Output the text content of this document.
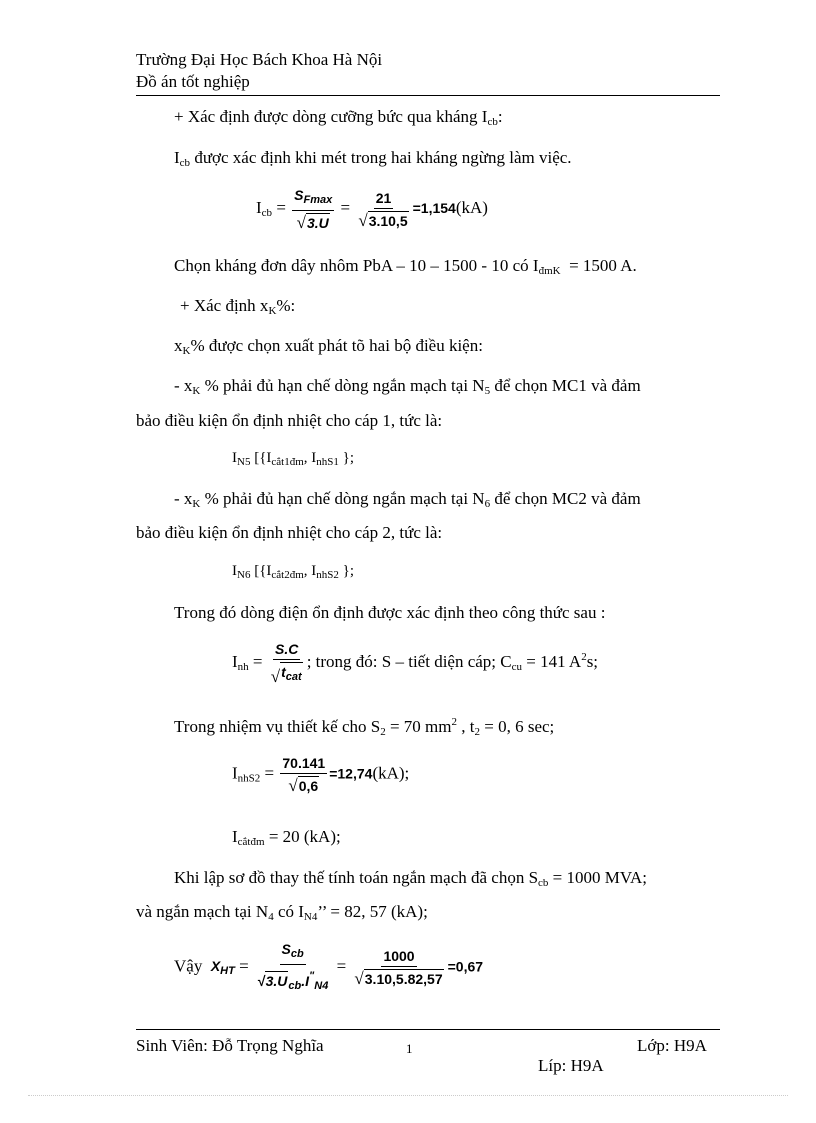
Trường Đại Học Bách Khoa Hà Nội
Đồ án tốt nghiệp
+ Xác định được dòng cưỡng bức qua kháng $I_{cb}$:
$I_{cb}$ được xác định khi mét trong hai kháng ngừng làm việc.
$I_{cb} = \frac{S_{Fmax}}{√ 3.U} = \frac{21}{√ 3.10,5} =1,154(kA)$
Chọn kháng đơn dây nhôm PbA – 10 – 1500 - 10 có $I_{đmK} = 1500$ A.
+ Xác định $x_K\%$:
$x_K\%$ được chọn xuất phát tõ hai bộ điều kiện:
- $x_K$ % phải đủ hạn chế dòng ngắn mạch tại $N_5$ để chọn MC1 và đảm
bảo điều kiện ổn định nhiệt cho cáp 1, tức là:
$I_{N5}$ [{$I_{cắt1đm}$, $I_{nhS1}$ };
- $x_K$ % phải đủ hạn chế dòng ngắn mạch tại $N_6$ để chọn MC2 và đảm
bảo điều kiện ổn định nhiệt cho cáp 2, tức là:
$I_{N6}$ [{$I_{cắt2đm}$, $I_{nhS2}$ };
Trong đó dòng điện ổn định được xác định theo công thức sau :
$I_{nh} = \frac{S.C}{√ t_{cat}}$ ; trong đó: S – tiết diện cáp; $C_{cu} = 141$ $A^2s$;
Trong nhiệm vụ thiết kế cho $S_2 = 70$ $mm^2$ , $t_2 = 0$, 6 sec;
$I_{nhS2} = \frac{70.141}{√ 0,6} =12,74(kA)$;
$I_{cắtđm} = 20$ (kA);
Khi lập sơ đồ thay thế tính toán ngắn mạch đã chọn $S_{cb} = 1000$ MVA;
và ngắn mạch tại $N_4$ có $I_{N4}$’’ = 82, 57 (kA);
Vậy $X_{HT} = \frac{S_{cb}}{√ 3.U _{cb}.I^"_{N4}} = \frac{1000}{√ 3.10,5.82,57} =0,67$
Sinh Viên: Đỗ Trọng Nghĩa	1	Lớp: H9A
Líp: H9A
